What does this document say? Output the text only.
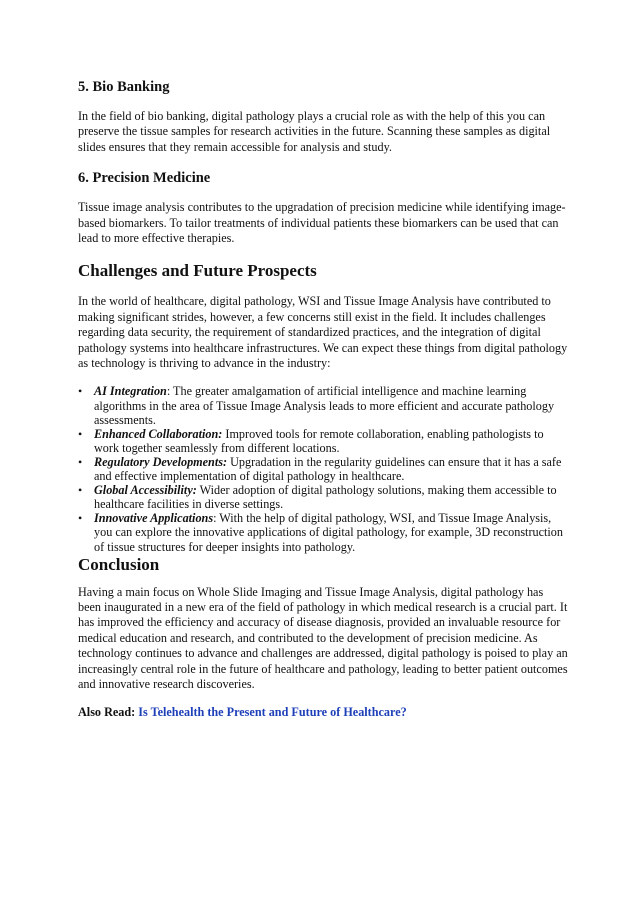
5. Bio Banking

In the field of bio banking, digital pathology plays a crucial role as with the help of this you can preserve the tissue samples for research activities in the future. Scanning these samples as digital slides ensures that they remain accessible for analysis and study.

6. Precision Medicine

Tissue image analysis contributes to the upgradation of precision medicine while identifying image-based biomarkers. To tailor treatments of individual patients these biomarkers can be used that can lead to more effective therapies.

Challenges and Future Prospects

In the world of healthcare, digital pathology, WSI and Tissue Image Analysis have contributed to making significant strides, however, a few concerns still exist in the field. It includes challenges regarding data security, the requirement of standardized practices, and the integration of digital pathology systems into healthcare infrastructures. We can expect these things from digital pathology as technology is thriving to advance in the industry:

• AI Integration: The greater amalgamation of artificial intelligence and machine learning algorithms in the area of Tissue Image Analysis leads to more efficient and accurate pathology assessments.
• Enhanced Collaboration: Improved tools for remote collaboration, enabling pathologists to work together seamlessly from different locations.
• Regulatory Developments: Upgradation in the regularity guidelines can ensure that it has a safe and effective implementation of digital pathology in healthcare.
• Global Accessibility: Wider adoption of digital pathology solutions, making them accessible to healthcare facilities in diverse settings.
• Innovative Applications: With the help of digital pathology, WSI, and Tissue Image Analysis, you can explore the innovative applications of digital pathology, for example, 3D reconstruction of tissue structures for deeper insights into pathology.
Conclusion

Having a main focus on Whole Slide Imaging and Tissue Image Analysis, digital pathology has been inaugurated in a new era of the field of pathology in which medical research is a crucial part. It has improved the efficiency and accuracy of disease diagnosis, provided an invaluable resource for medical education and research, and contributed to the development of precision medicine. As technology continues to advance and challenges are addressed, digital pathology is poised to play an increasingly central role in the future of healthcare and pathology, leading to better patient outcomes and innovative research discoveries.

Also Read: Is Telehealth the Present and Future of Healthcare?
